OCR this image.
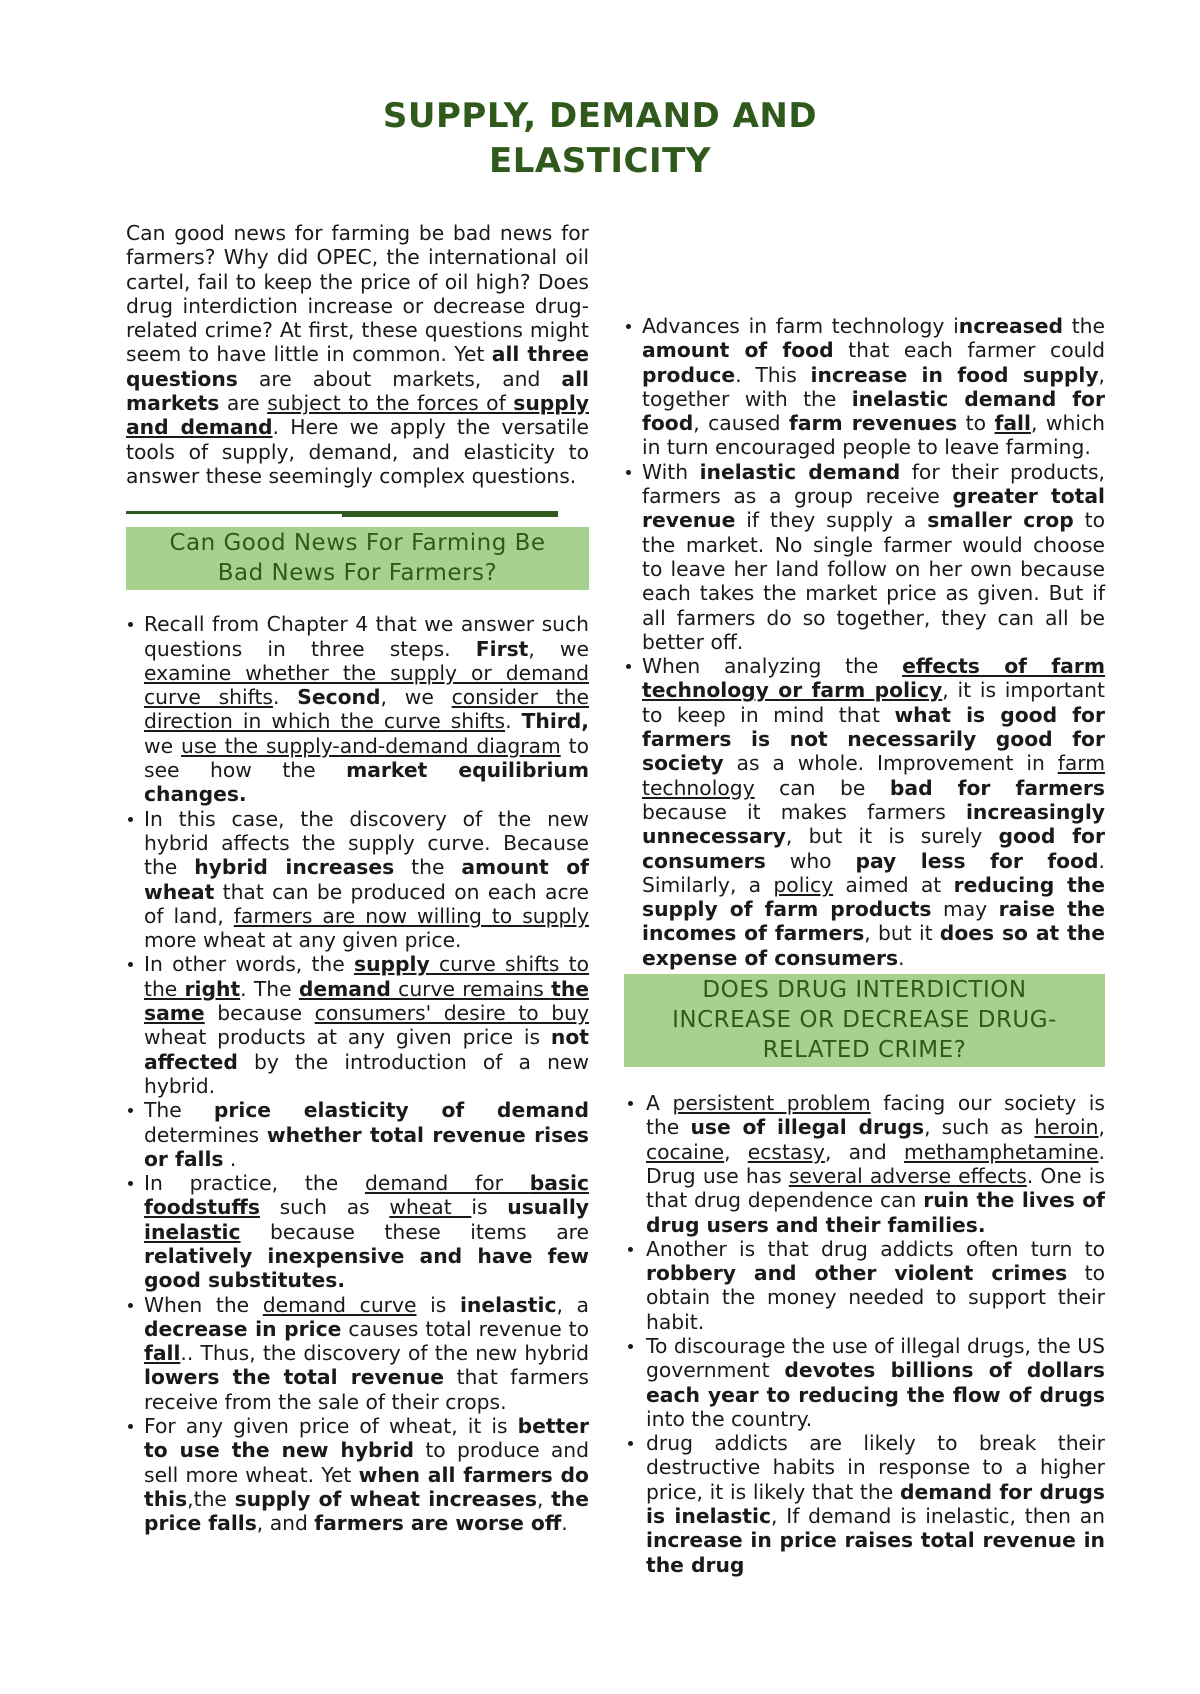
SUPPLY, DEMAND AND
ELASTICITY

Can good news for farming be bad news for farmers? Why did OPEC, the international oil cartel, fail to keep the price of oil high? Does drug interdiction increase or decrease drug-related crime? At first, these questions might seem to have little in common. Yet all three questions are about markets, and all markets are subject to the forces of supply and demand. Here we apply the versatile tools of supply, demand, and elasticity to answer these seemingly complex questions.

Can Good News For Farming Be
Bad News For Farmers?
Recall from Chapter 4 that we answer such questions in three steps. First, we examine whether the supply or demand curve shifts. Second, we consider the direction in which the curve shifts. Third, we use the supply-and-demand diagram to see how the market equilibrium changes.
In this case, the discovery of the new hybrid affects the supply curve. Because the hybrid increases the amount of wheat that can be produced on each acre of land, farmers are now willing to supply more wheat at any given price.
In other words, the supply curve shifts to the right. The demand curve remains the same because consumers' desire to buy wheat products at any given price is not affected by the introduction of a new hybrid.
The price elasticity of demand determines whether total revenue rises or falls .
In practice, the demand for basic foodstuffs such as wheat is usually inelastic because these items are relatively inexpensive and have few good substitutes.
When the demand curve is inelastic, a decrease in price causes total revenue to fall.. Thus, the discovery of the new hybrid lowers the total revenue that farmers receive from the sale of their crops.
For any given price of wheat, it is better to use the new hybrid to produce and sell more wheat. Yet when all farmers do this,the supply of wheat increases, the price falls, and farmers are worse off.
Advances in farm technology increased the amount of food that each farmer could produce. This increase in food supply, together with the inelastic demand for food, caused farm revenues to fall, which in turn encouraged people to leave farming.
With inelastic demand for their products, farmers as a group receive greater total revenue if they supply a smaller crop to the market. No single farmer would choose to leave her land follow on her own because each takes the market price as given. But if all farmers do so together, they can all be better off.
When analyzing the effects of farm technology or farm policy, it is important to keep in mind that what is good for farmers is not necessarily good for society as a whole. Improvement in farm technology can be bad for farmers because it makes farmers increasingly unnecessary, but it is surely good for consumers who pay less for food. Similarly, a policy aimed at reducing the supply of farm products may raise the incomes of farmers, but it does so at the expense of consumers.
DOES DRUG INTERDICTION
INCREASE OR DECREASE DRUG-
RELATED CRIME?
A persistent problem facing our society is the use of illegal drugs, such as heroin, cocaine, ecstasy, and methamphetamine. Drug use has several adverse effects. One is that drug dependence can ruin the lives of drug users and their families.
Another is that drug addicts often turn to robbery and other violent crimes to obtain the money needed to support their habit.
To discourage the use of illegal drugs, the US government devotes billions of dollars each year to reducing the flow of drugs into the country.
drug addicts are likely to break their destructive habits in response to a higher price, it is likely that the demand for drugs is inelastic, If demand is inelastic, then an increase in price raises total revenue in the drug
